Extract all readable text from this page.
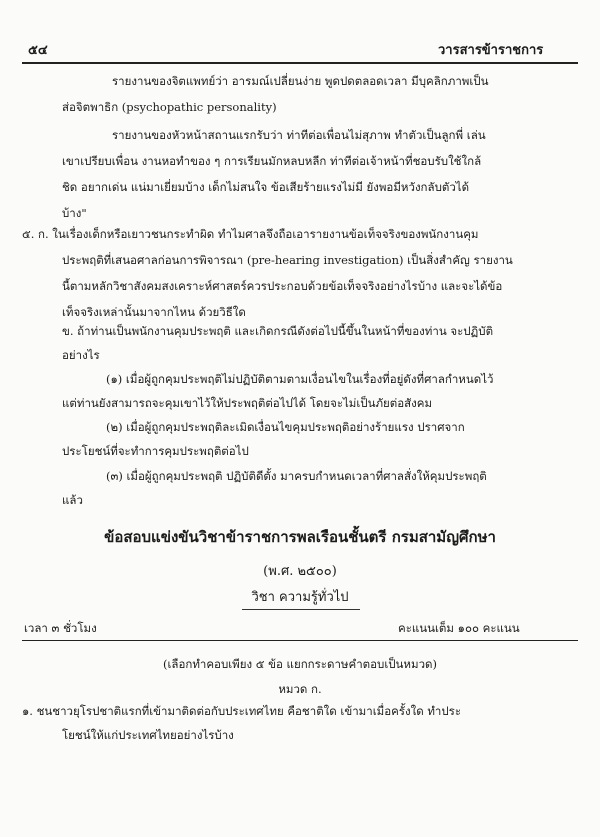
๕๔	วารสารข้าราชการ
รายงานของจิตแพทย์ว่า อารมณ์เปลี่ยนง่าย พูดปดตลอดเวลา มีบุคลิกภาพเป็น
ส่อจิตพาธิก (psychopathic personality)
รายงานของหัวหน้าสถานแรกรับว่า ท่าทีต่อเพื่อนไม่สุภาพ ทำตัวเป็นลูกพี่ เล่น
เขาเปรียบเพื่อน งานหอทำของ ๆ การเรียนมักหลบหลีก ท่าทีต่อเจ้าหน้าที่ชอบรับใช้ใกล้
ชิด อยากเด่น แน่มาเยี่ยมบ้าง เด็กไม่สนใจ ข้อเสียร้ายแรงไม่มี ยังพอมีหวังกลับตัวได้
บ้าง"
๕. ก. ในเรื่องเด็กหรือเยาวชนกระทำผิด ทำไมศาลจึงถือเอารายงานข้อเท็จจริงของพนักงานคุม
ประพฤติที่เสนอศาลก่อนการพิจารณา (pre-hearing investigation) เป็นสิ่งสำคัญ รายงาน
นี้ตามหลักวิชาสังคมสงเคราะห์ศาสตร์ควรประกอบด้วยข้อเท็จจริงอย่างไรบ้าง และจะได้ข้อ
เท็จจริงเหล่านั้นมาจากไหน ด้วยวิธีใด
ข. ถ้าท่านเป็นพนักงานคุมประพฤติ และเกิดกรณีดังต่อไปนี้ขึ้นในหน้าที่ของท่าน จะปฏิบัติ
อย่างไร
(๑) เมื่อผู้ถูกคุมประพฤติไม่ปฏิบัติตามตามเงื่อนไขในเรื่องที่อยู่ดังที่ศาลกำหนดไว้
แต่ท่านยังสามารถจะคุมเขาไว้ให้ประพฤติต่อไปได้ โดยจะไม่เป็นภัยต่อสังคม
(๒) เมื่อผู้ถูกคุมประพฤติละเมิดเงื่อนไขคุมประพฤติอย่างร้ายแรง ปราศจาก
ประโยชน์ที่จะทำการคุมประพฤติต่อไป
(๓) เมื่อผู้ถูกคุมประพฤติ ปฏิบัติดีตั้ง มาครบกำหนดเวลาที่ศาลสั่งให้คุมประพฤติ
แล้ว
ข้อสอบแข่งขันวิชาข้าราชการพลเรือนชั้นตรี กรมสามัญศึกษา
(พ.ศ. ๒๕๐๐)
วิชา ความรู้ทั่วไป
เวลา ๓ ชั่วโมง	คะแนนเต็ม ๑๐๐ คะแนน
(เลือกทำคอบเพียง ๕ ข้อ แยกกระดาษคำตอบเป็นหมวด)
หมวด ก.
๑. ชนชาวยุโรปชาติแรกที่เข้ามาติดต่อกับประเทศไทย คือชาติใด เข้ามาเมื่อครั้งใด ทำประ
โยชน์ให้แก่ประเทศไทยอย่างไรบ้าง
